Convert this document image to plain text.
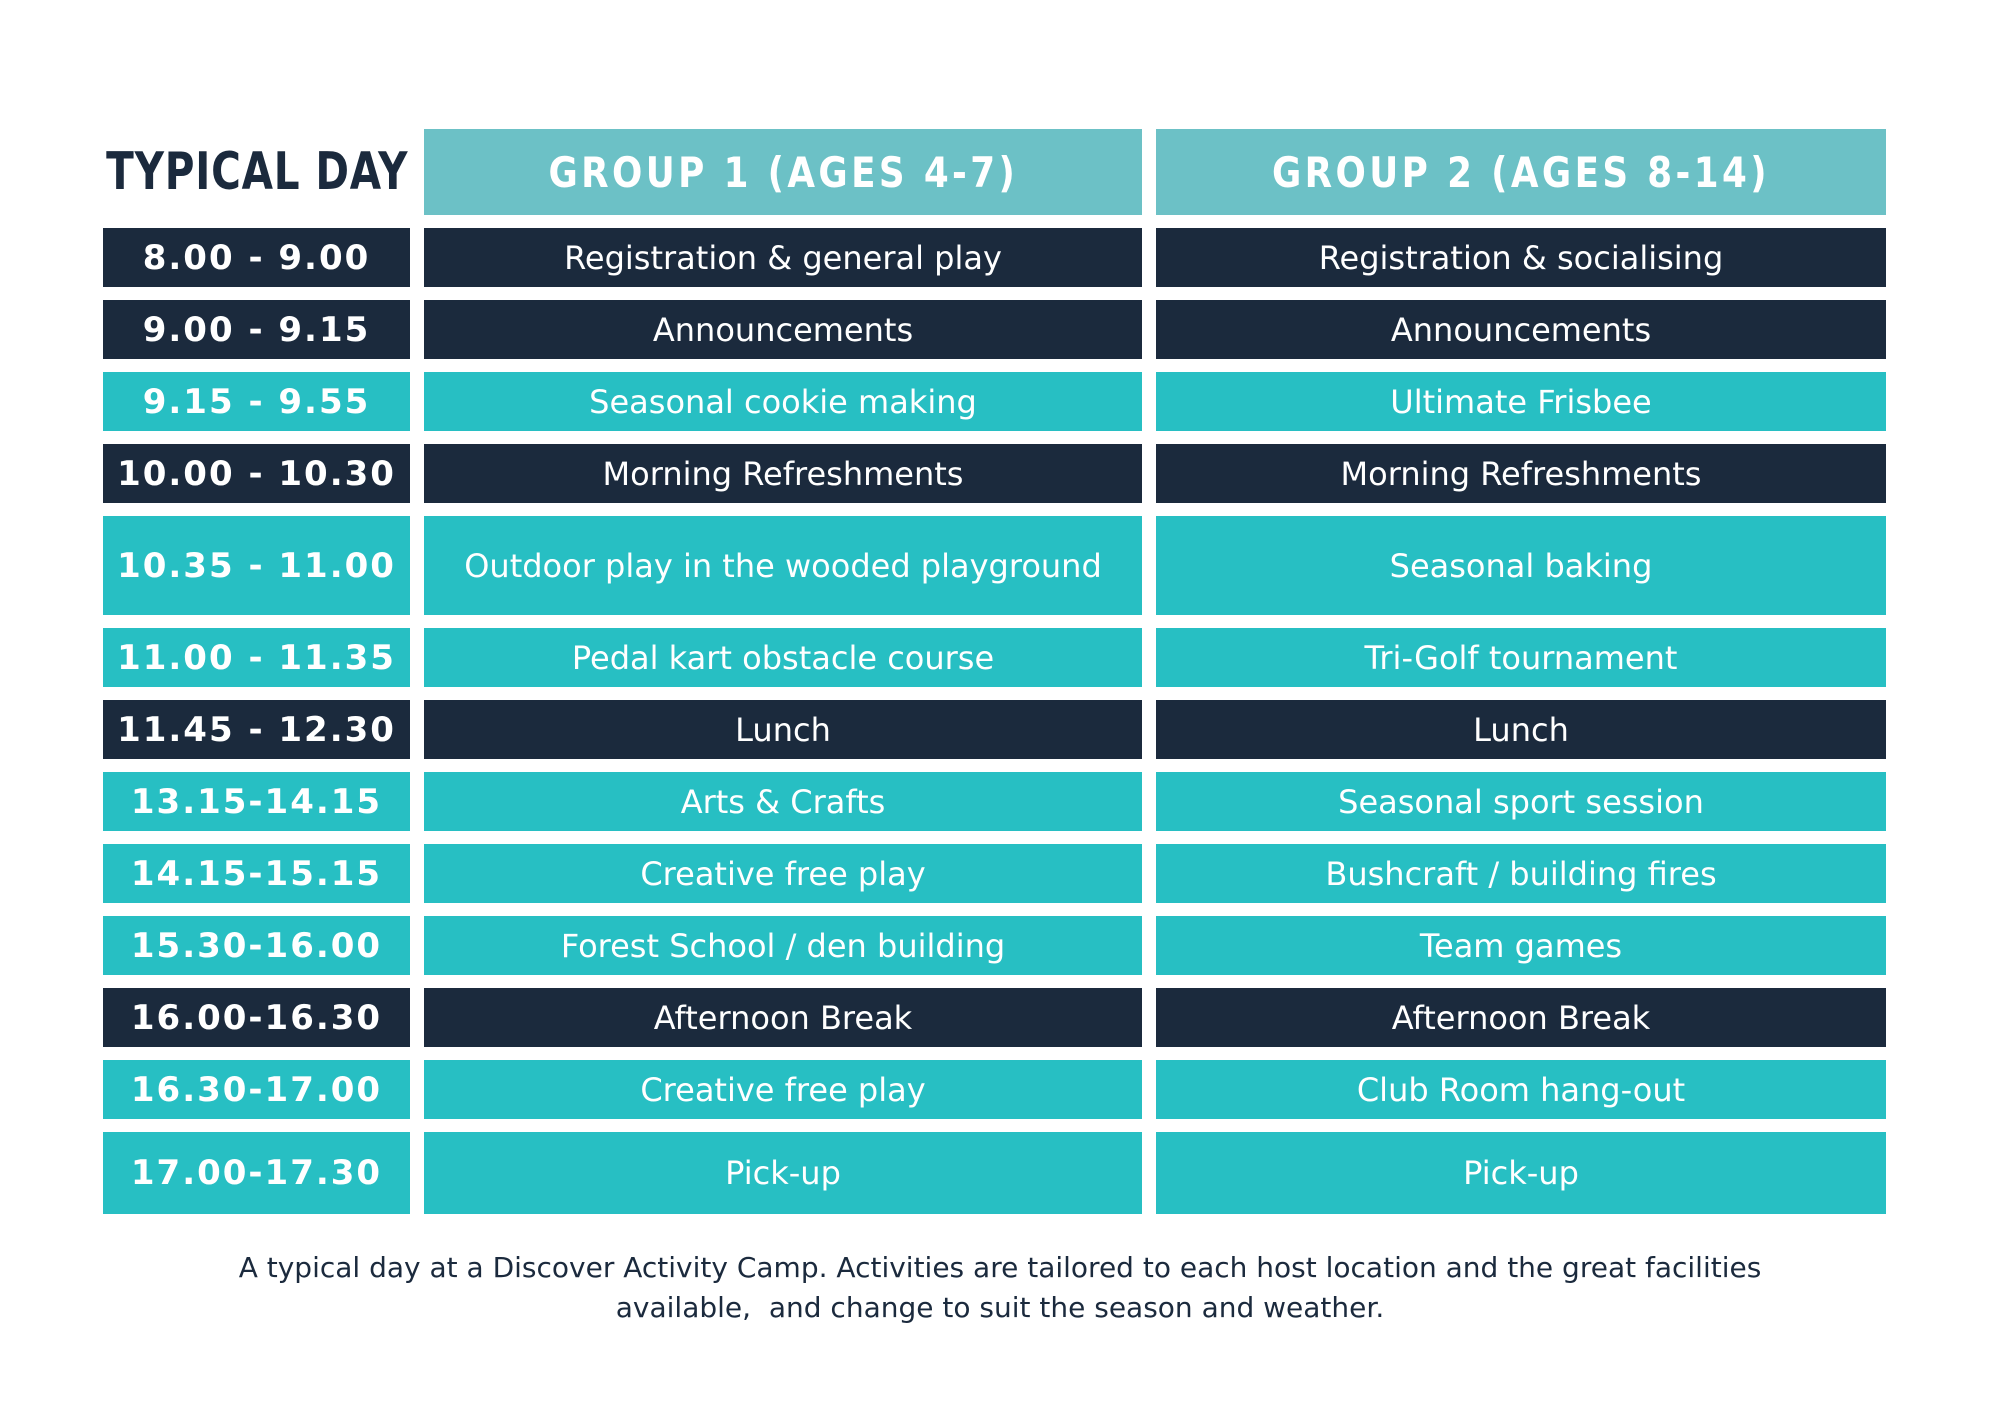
TYPICAL DAY	GROUP 1 (AGES 4-7)	GROUP 2 (AGES 8-14)
8.00 - 9.00	Registration & general play	Registration & socialising
9.00 - 9.15	Announcements	Announcements
9.15 - 9.55	Seasonal cookie making	Ultimate Frisbee
10.00 - 10.30	Morning Refreshments	Morning Refreshments
10.35 - 11.00	Outdoor play in the wooded playground	Seasonal baking
11.00 - 11.35	Pedal kart obstacle course	Tri-Golf tournament
11.45 - 12.30	Lunch	Lunch
13.15-14.15	Arts & Crafts	Seasonal sport session
14.15-15.15	Creative free play	Bushcraft / building fires
15.30-16.00	Forest School / den building	Team games
16.00-16.30	Afternoon Break	Afternoon Break
16.30-17.00	Creative free play	Club Room hang-out
17.00-17.30	Pick-up	Pick-up
A typical day at a Discover Activity Camp. Activities are tailored to each host location and the great facilities
available,  and change to suit the season and weather.
